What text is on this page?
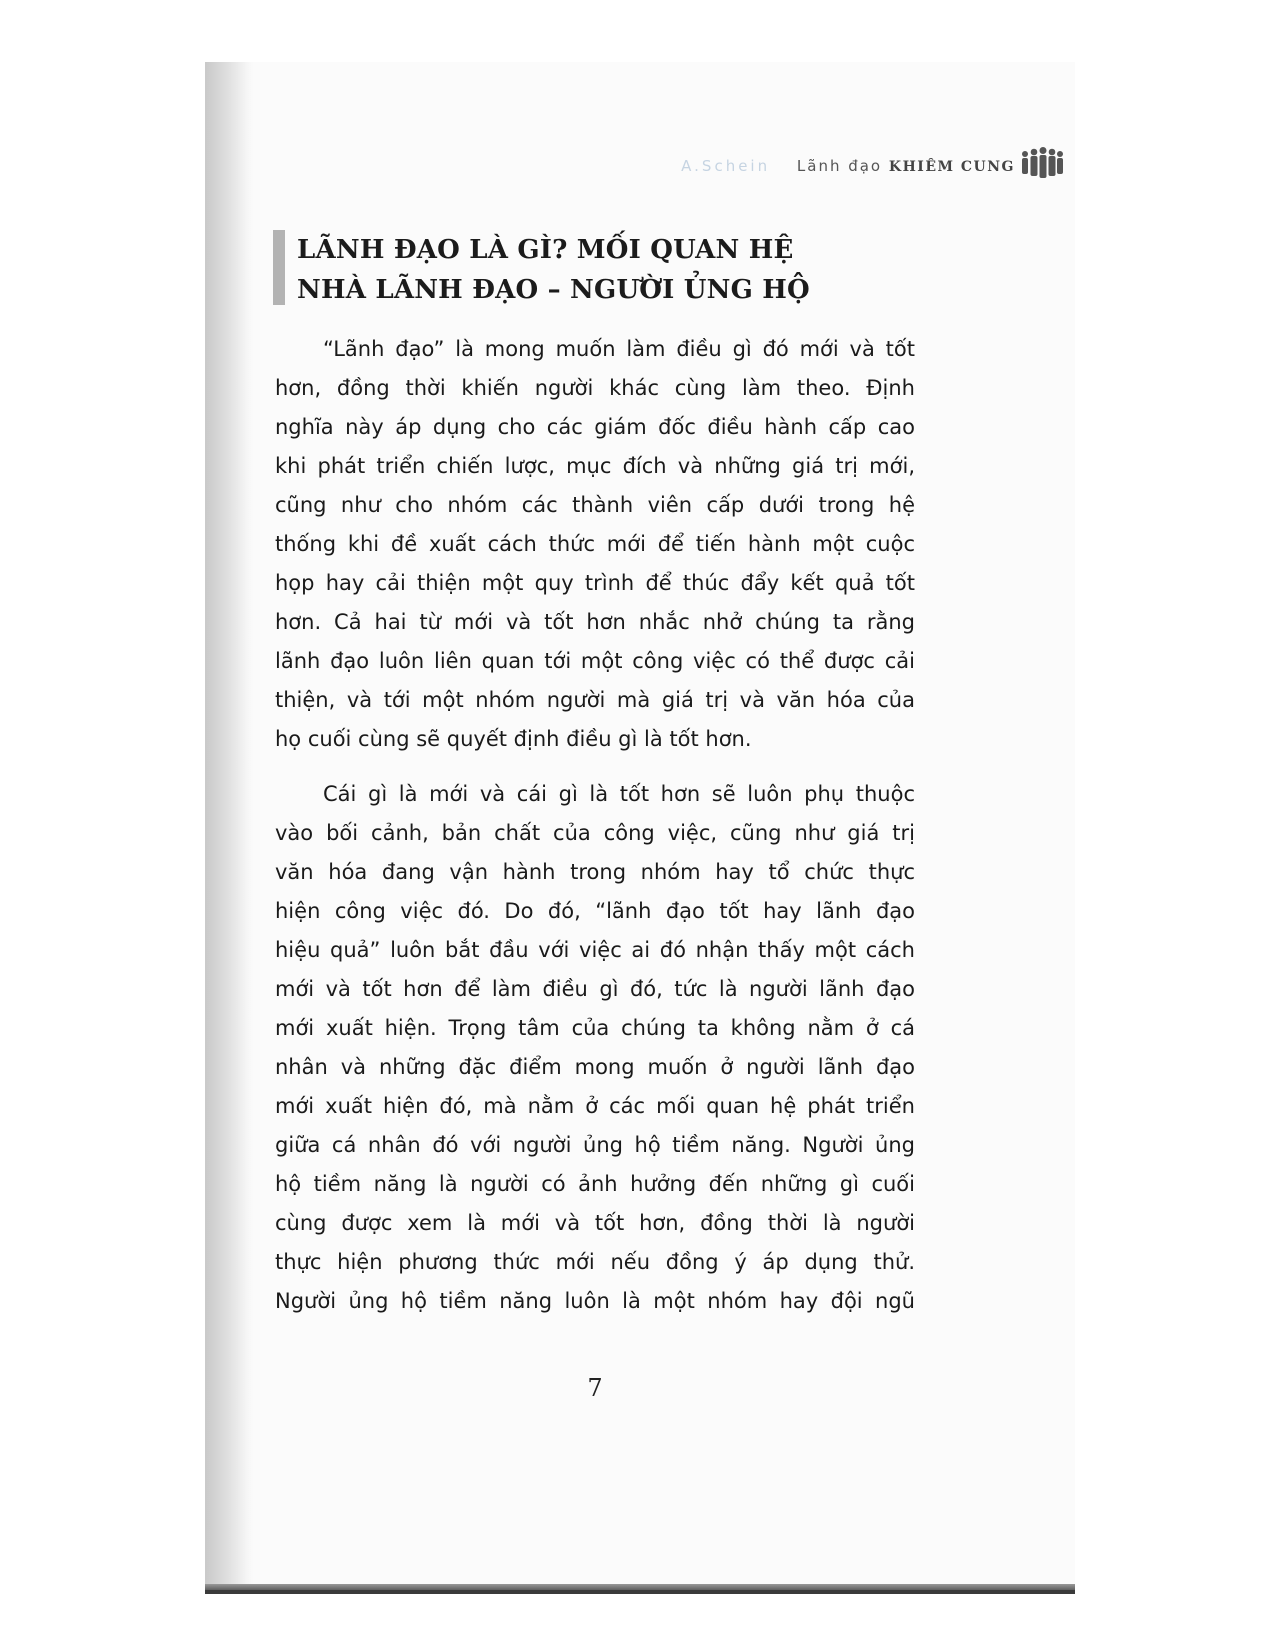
A.Schein Lãnh đạo KHIÊM CUNG
LÃNH ĐẠO LÀ GÌ? MỐI QUAN HỆ
NHÀ LÃNH ĐẠO – NGƯỜI ỦNG HỘ
“Lãnh đạo” là mong muốn làm điều gì đó mới và tốt
hơn, đồng thời khiến người khác cùng làm theo. Định
nghĩa này áp dụng cho các giám đốc điều hành cấp cao
khi phát triển chiến lược, mục đích và những giá trị mới,
cũng như cho nhóm các thành viên cấp dưới trong hệ
thống khi đề xuất cách thức mới để tiến hành một cuộc
họp hay cải thiện một quy trình để thúc đẩy kết quả tốt
hơn. Cả hai từ mới và tốt hơn nhắc nhở chúng ta rằng
lãnh đạo luôn liên quan tới một công việc có thể được cải
thiện, và tới một nhóm người mà giá trị và văn hóa của
họ cuối cùng sẽ quyết định điều gì là tốt hơn.
Cái gì là mới và cái gì là tốt hơn sẽ luôn phụ thuộc
vào bối cảnh, bản chất của công việc, cũng như giá trị
văn hóa đang vận hành trong nhóm hay tổ chức thực
hiện công việc đó. Do đó, “lãnh đạo tốt hay lãnh đạo
hiệu quả” luôn bắt đầu với việc ai đó nhận thấy một cách
mới và tốt hơn để làm điều gì đó, tức là người lãnh đạo
mới xuất hiện. Trọng tâm của chúng ta không nằm ở cá
nhân và những đặc điểm mong muốn ở người lãnh đạo
mới xuất hiện đó, mà nằm ở các mối quan hệ phát triển
giữa cá nhân đó với người ủng hộ tiềm năng. Người ủng
hộ tiềm năng là người có ảnh hưởng đến những gì cuối
cùng được xem là mới và tốt hơn, đồng thời là người
thực hiện phương thức mới nếu đồng ý áp dụng thử.
Người ủng hộ tiềm năng luôn là một nhóm hay đội ngũ
7
